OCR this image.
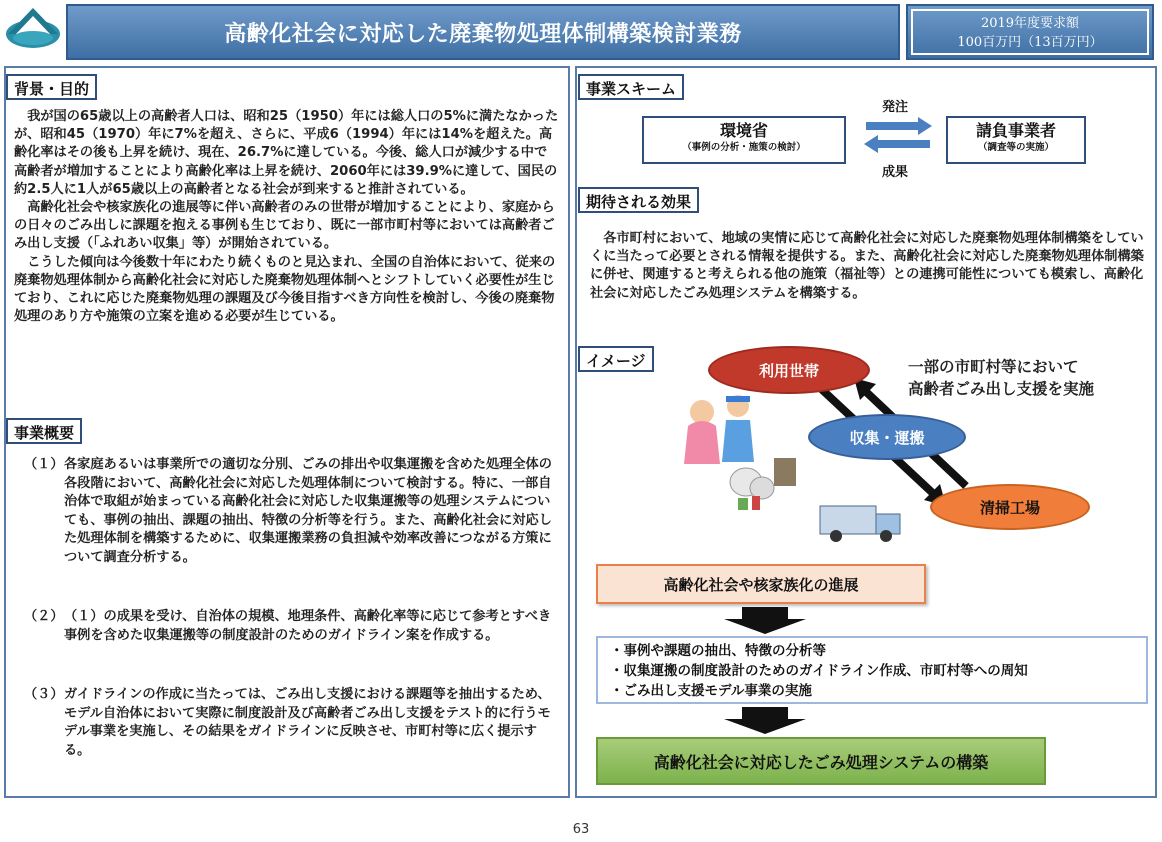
高齢化社会に対応した廃棄物処理体制構築検討業務	2019年度要求額
100百万円（13百万円）
背景・目的

我が国の65歳以上の高齢者人口は、昭和25（1950）年には総人口の5%に満たなかったが、昭和45（1970）年に7%を超え、さらに、平成6（1994）年には14%を超えた。高齢化率はその後も上昇を続け、現在、26.7%に達している。今後、総人口が減少する中で高齢者が増加することにより高齢化率は上昇を続け、2060年には39.9%に達して、国民の約2.5人に1人が65歳以上の高齢者となる社会が到来すると推計されている。

高齢化社会や核家族化の進展等に伴い高齢者のみの世帯が増加することにより、家庭からの日々のごみ出しに課題を抱える事例も生じており、既に一部市町村等においては高齢者ごみ出し支援（「ふれあい収集」等）が開始されている。

こうした傾向は今後数十年にわたり続くものと見込まれ、全国の自治体において、従来の廃棄物処理体制から高齢化社会に対応した廃棄物処理体制へとシフトしていく必要性が生じており、これに応じた廃棄物処理の課題及び今後目指すべき方向性を検討し、今後の廃棄物処理のあり方や施策の立案を進める必要が生じている。

事業概要
（１） 各家庭あるいは事業所での適切な分別、ごみの排出や収集運搬を含めた処理全体の各段階において、高齢化社会に対応した処理体制について検討する。特に、一部自治体で取組が始まっている高齢化社会に対応した収集運搬等の処理システムについても、事例の抽出、課題の抽出、特徴の分析等を行う。また、高齢化社会に対応した処理体制を構築するために、収集運搬業務の負担減や効率改善につながる方策について調査分析する。
（２） （１）の成果を受け、自治体の規模、地理条件、高齢化率等に応じて参考とすべき事例を含めた収集運搬等の制度設計のためのガイドライン案を作成する。
（３） ガイドラインの作成に当たっては、ごみ出し支援における課題等を抽出するため、モデル自治体において実際に制度設計及び高齢者ごみ出し支援をテスト的に行うモデル事業を実施し、その結果をガイドラインに反映させ、市町村等に広く提示する。
事業スキーム
環境省
（事例の分析・施策の検討）
請負事業者
（調査等の実施）
発注
成果
期待される効果

各市町村において、地域の実情に応じて高齢化社会に対応した廃棄物処理体制構築をしていくに当たって必要とされる情報を提供する。また、高齢化社会に対応した廃棄物処理体制構築に併せ、関連すると考えられる他の施策（福祉等）との連携可能性についても模索し、高齢化社会に対応したごみ処理システムを構築する。

イメージ
利用世帯
収集・運搬
清掃工場
一部の市町村等において
高齢者ごみ出し支援を実施
高齢化社会や核家族化の進展
・事例や課題の抽出、特徴の分析等
・収集運搬の制度設計のためのガイドライン作成、市町村等への周知
・ごみ出し支援モデル事業の実施
高齢化社会に対応したごみ処理システムの構築
63
